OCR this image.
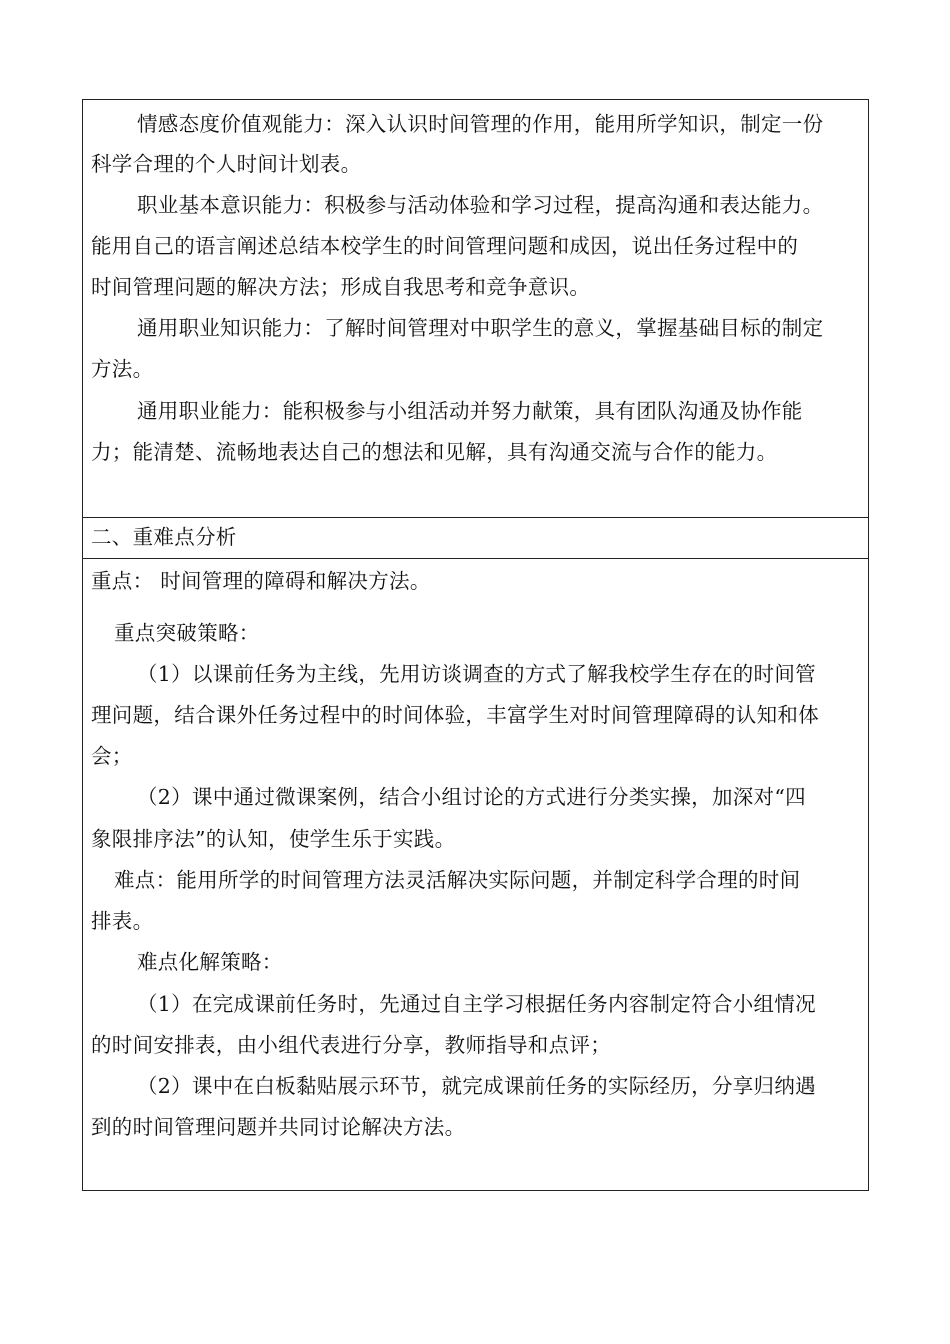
情感态度价值观能力：深入认识时间管理的作用，能用所学知识，制定一份
科学合理的个人时间计划表。
职业基本意识能力：积极参与活动体验和学习过程，提高沟通和表达能力。
能用自己的语言阐述总结本校学生的时间管理问题和成因，说出任务过程中的
时间管理问题的解决方法；形成自我思考和竞争意识。
通用职业知识能力：了解时间管理对中职学生的意义，掌握基础目标的制定
方法。
通用职业能力：能积极参与小组活动并努力献策，具有团队沟通及协作能
力；能清楚、流畅地表达自己的想法和见解，具有沟通交流与合作的能力。
二、重难点分析
重点： 时间管理的障碍和解决方法。
重点突破策略：
（1）以课前任务为主线，先用访谈调查的方式了解我校学生存在的时间管
理问题，结合课外任务过程中的时间体验，丰富学生对时间管理障碍的认知和体
会；
（2）课中通过微课案例，结合小组讨论的方式进行分类实操，加深对“四
象限排序法”的认知，使学生乐于实践。
难点：能用所学的时间管理方法灵活解决实际问题，并制定科学合理的时间
排表。
难点化解策略：
（1）在完成课前任务时，先通过自主学习根据任务内容制定符合小组情况
的时间安排表，由小组代表进行分享，教师指导和点评；
（2）课中在白板黏贴展示环节，就完成课前任务的实际经历，分享归纳遇
到的时间管理问题并共同讨论解决方法。
